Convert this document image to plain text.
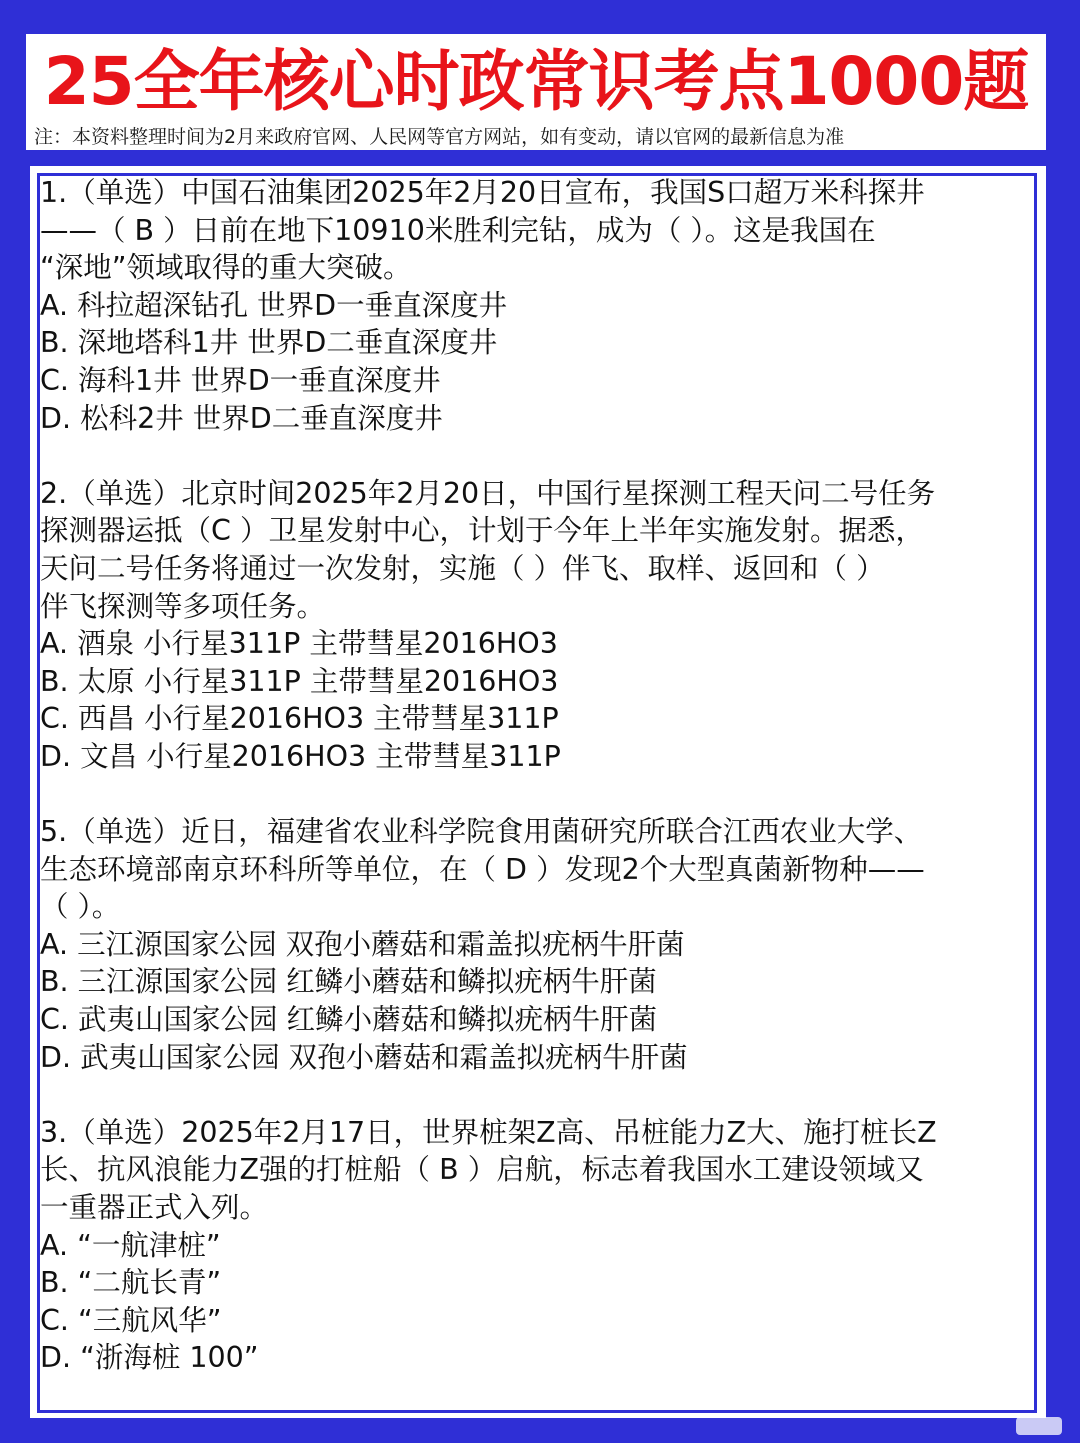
25全年核心时政常识考点1000题
注：本资料整理时间为2月来政府官网、人民网等官方网站，如有变动，请以官网的最新信息为准
1.（单选）中国石油集团2025年2月20日宣布，我国S口超万米科探井
——（ B ）日前在地下10910米胜利完钻，成为（ ）。这是我国在
“深地”领域取得的重大突破。
A. 科拉超深钻孔 世界D一垂直深度井
B. 深地塔科1井 世界D二垂直深度井
C. 海科1井 世界D一垂直深度井
D. 松科2井 世界D二垂直深度井
2.（单选）北京时间2025年2月20日，中国行星探测工程天问二号任务
探测器运抵（C ）卫星发射中心，计划于今年上半年实施发射。据悉，
天问二号任务将通过一次发射，实施（ ）伴飞、取样、返回和（ ）
伴飞探测等多项任务。
A. 酒泉 小行星311P 主带彗星2016HO3
B. 太原 小行星311P 主带彗星2016HO3
C. 西昌 小行星2016HO3 主带彗星311P
D. 文昌 小行星2016HO3 主带彗星311P
5.（单选）近日，福建省农业科学院食用菌研究所联合江西农业大学、
生态环境部南京环科所等单位，在（ D ）发现2个大型真菌新物种——
（ ）。
A. 三江源国家公园 双孢小蘑菇和霜盖拟疣柄牛肝菌
B. 三江源国家公园 红鳞小蘑菇和鳞拟疣柄牛肝菌
C. 武夷山国家公园 红鳞小蘑菇和鳞拟疣柄牛肝菌
D. 武夷山国家公园 双孢小蘑菇和霜盖拟疣柄牛肝菌
3.（单选）2025年2月17日，世界桩架Z高、吊桩能力Z大、施打桩长Z
长、抗风浪能力Z强的打桩船（ B ）启航，标志着我国水工建设领域又
一重器正式入列。
A. “一航津桩”
B. “二航长青”
C. “三航风华”
D. “浙海桩 100”
